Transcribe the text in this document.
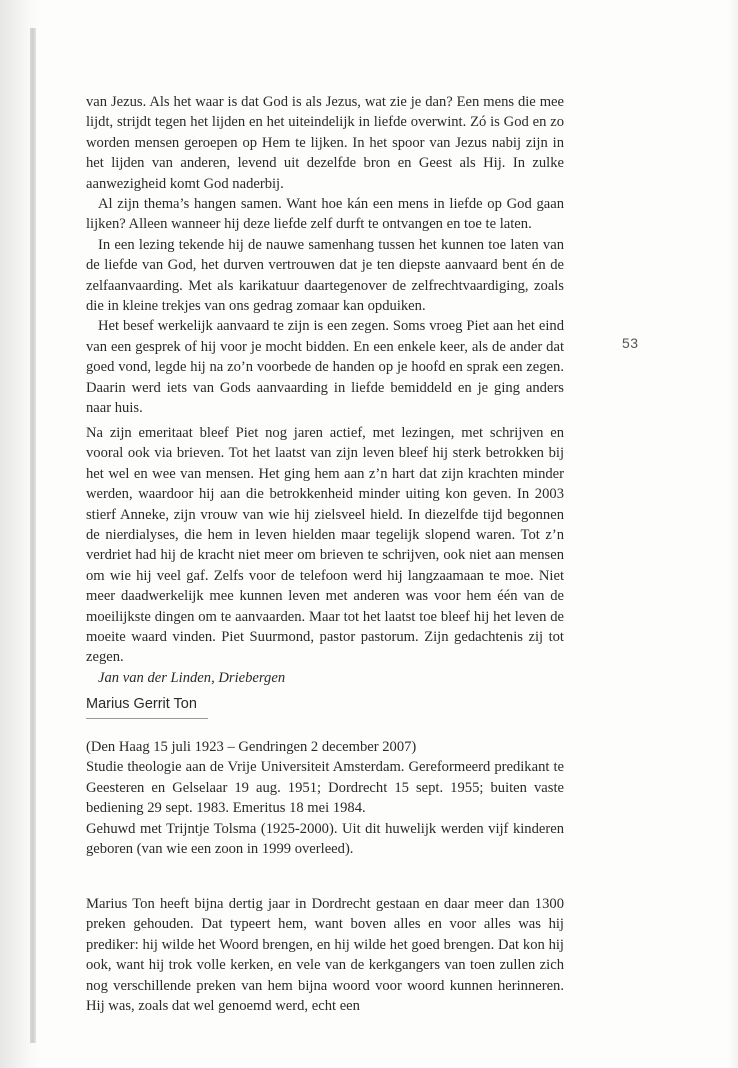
van Jezus. Als het waar is dat God is als Jezus, wat zie je dan? Een mens die mee lijdt, strijdt tegen het lijden en het uiteindelijk in liefde overwint. Zó is God en zo worden mensen geroepen op Hem te lijken. In het spoor van Jezus nabij zijn in het lijden van anderen, levend uit dezelfde bron en Geest als Hij. In zulke aanwezigheid komt God naderbij.

Al zijn thema’s hangen samen. Want hoe kán een mens in liefde op God gaan lijken? Alleen wanneer hij deze liefde zelf durft te ontvangen en toe te laten.

In een lezing tekende hij de nauwe samenhang tussen het kunnen toe laten van de liefde van God, het durven vertrouwen dat je ten diepste aanvaard bent én de zelfaanvaarding. Met als karikatuur daartegenover de zelfrechtvaardiging, zoals die in kleine trekjes van ons gedrag zomaar kan opduiken.

Het besef werkelijk aanvaard te zijn is een zegen. Soms vroeg Piet aan het eind van een gesprek of hij voor je mocht bidden. En een enkele keer, als de ander dat goed vond, legde hij na zo’n voorbede de handen op je hoofd en sprak een zegen. Daarin werd iets van Gods aanvaarding in liefde bemiddeld en je ging anders naar huis.

53

Na zijn emeritaat bleef Piet nog jaren actief, met lezingen, met schrijven en vooral ook via brieven. Tot het laatst van zijn leven bleef hij sterk betrokken bij het wel en wee van mensen. Het ging hem aan z’n hart dat zijn krachten minder werden, waardoor hij aan die betrokkenheid minder uiting kon geven. In 2003 stierf Anneke, zijn vrouw van wie hij zielsveel hield. In diezelfde tijd begonnen de nierdialyses, die hem in leven hielden maar tegelijk slopend waren. Tot z’n verdriet had hij de kracht niet meer om brieven te schrijven, ook niet aan mensen om wie hij veel gaf. Zelfs voor de telefoon werd hij langzaamaan te moe. Niet meer daadwerkelijk mee kunnen leven met anderen was voor hem één van de moeilijkste dingen om te aanvaarden. Maar tot het laatst toe bleef hij het leven de moeite waard vinden. Piet Suurmond, pastor pastorum. Zijn gedachtenis zij tot zegen.

Jan van der Linden, Driebergen

Marius Gerrit Ton

(Den Haag 15 juli 1923 – Gendringen 2 december 2007)

Studie theologie aan de Vrije Universiteit Amsterdam. Gereformeerd predikant te Geesteren en Gelselaar 19 aug. 1951; Dordrecht 15 sept. 1955; buiten vaste bediening 29 sept. 1983. Emeritus 18 mei 1984.

Gehuwd met Trijntje Tolsma (1925-2000). Uit dit huwelijk werden vijf kinderen geboren (van wie een zoon in 1999 overleed).

Marius Ton heeft bijna dertig jaar in Dordrecht gestaan en daar meer dan 1300 preken gehouden. Dat typeert hem, want boven alles en voor alles was hij prediker: hij wilde het Woord brengen, en hij wilde het goed brengen. Dat kon hij ook, want hij trok volle kerken, en vele van de kerkgangers van toen zullen zich nog verschillende preken van hem bijna woord voor woord kunnen herinneren. Hij was, zoals dat wel genoemd werd, echt een
